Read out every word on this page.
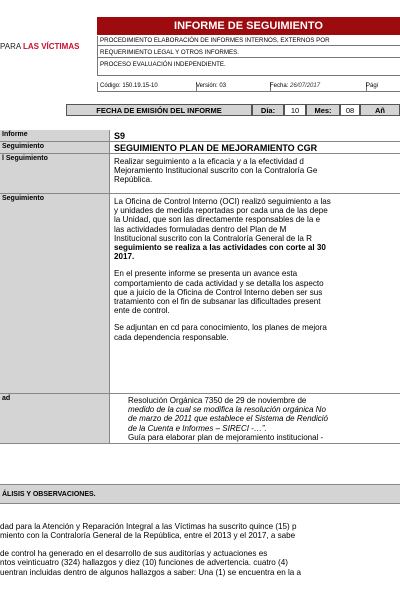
PARA LAS VÍCTIMAS
INFORME DE SEGUIMIENTO
PROCEDIMIENTO ELABORACIÓN DE INFORMES INTERNOS, EXTERNOS POR
REQUERIMIENTO LEGAL Y OTROS INFORMES.
PROCESO EVALUACIÓN INDEPENDIENTE.
Código: 150.19.15-10	Versión: 03	Fecha: 26/07/2017	Pági
FECHA DE EMISIÓN DEL INFORME	Día:	10	Mes:	08	Añ
Informe	S9

Seguimiento	SEGUIMIENTO PLAN DE MEJORAMIENTO CGR

l Seguimiento	Realizar seguimiento a la eficacia y a la efectividad d

Mejoramiento Institucional suscrito con la Contraloría Ge

República.

Seguimiento	La Oficina de Control Interno (OCI) realizó seguimiento a las

y unidades de medida reportadas por cada una de las depe

la Unidad, que son las directamente responsables de la e

las actividades formuladas dentro del Plan de M

Institucional suscrito con la Contraloría General de la R

seguimiento se realiza a las actividades con corte al 30

2017.

En el presente informe se presenta un avance esta

comportamiento de cada actividad y se detalla los aspecto

que a juicio de la Oficina de Control Interno deben ser sus

tratamiento con el fin de subsanar las dificultades present

ente de control.

Se adjuntan en cd para conocimiento, los planes de mejora

cada dependencia responsable.

ad
•	Resolución Orgánica 7350 de 29 de noviembre de
medido de la cual se modifica la resolución orgánica No
de marzo de 2011 que establece el Sistema de Rendició
de la Cuenta e Informes – SIRECI -…”.
• Guía para elaborar plan de mejoramiento institucional -
ÁLISIS Y OBSERVACIONES.

dad para la Atención y Reparación Integral a las Víctimas ha suscrito quince (15) p
miento con la Contraloría General de la República, entre el 2013 y el 2017, a sabe

de control ha generado en el desarrollo de sus auditorías y actuaciones es
ntos veinticuatro (324) hallazgos y diez (10) funciones de advertencia. cuatro (4)
uentran incluidas dentro de algunos hallazgos a saber: Una (1) se encuentra en la a
